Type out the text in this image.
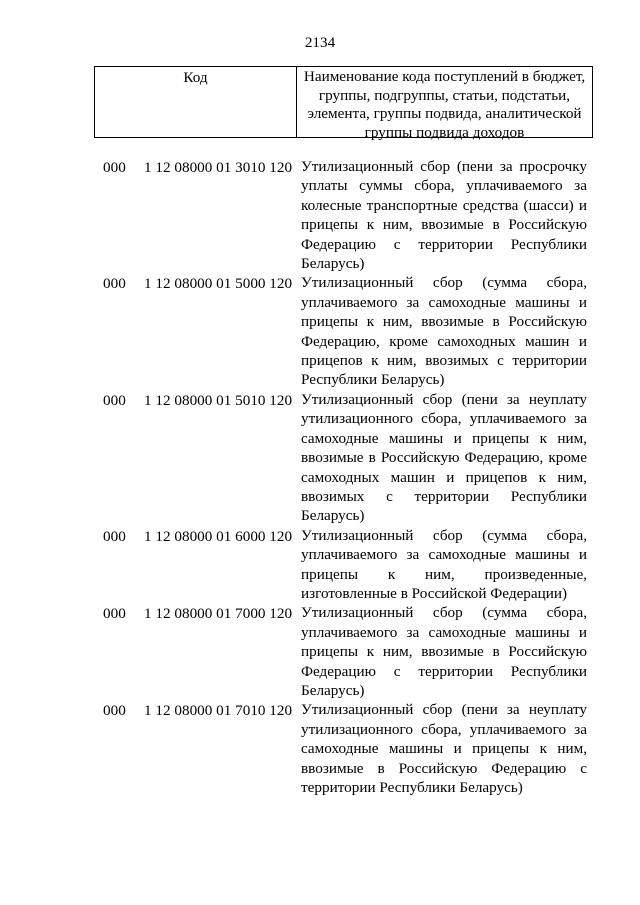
2134
Код	Наименование кода поступлений в бюджет, группы, подгруппы, статьи, подстатьи, элемента, группы подвида, аналитической группы подвида доходов
000 1 12 08000 01 3010 120 Утилизационный сбор (пени за просрочку уплаты суммы сбора, уплачиваемого за колесные транспортные средства (шасси) и прицепы к ним, ввозимые в Российскую Федерацию с территории Республики Беларусь)
000 1 12 08000 01 5000 120 Утилизационный сбор (сумма сбора, уплачиваемого за самоходные машины и прицепы к ним, ввозимые в Российскую Федерацию, кроме самоходных машин и прицепов к ним, ввозимых с территории Республики Беларусь)
000 1 12 08000 01 5010 120 Утилизационный сбор (пени за неуплату утилизационного сбора, уплачиваемого за самоходные машины и прицепы к ним, ввозимые в Российскую Федерацию, кроме самоходных машин и прицепов к ним, ввозимых с территории Республики Беларусь)
000 1 12 08000 01 6000 120 Утилизационный сбор (сумма сбора, уплачиваемого за самоходные машины и прицепы к ним, произведенные, изготовленные в Российской Федерации)
000 1 12 08000 01 7000 120 Утилизационный сбор (сумма сбора, уплачиваемого за самоходные машины и прицепы к ним, ввозимые в Российскую Федерацию с территории Республики Беларусь)
000 1 12 08000 01 7010 120 Утилизационный сбор (пени за неуплату утилизационного сбора, уплачиваемого за самоходные машины и прицепы к ним, ввозимые в Российскую Федерацию с территории Республики Беларусь)
